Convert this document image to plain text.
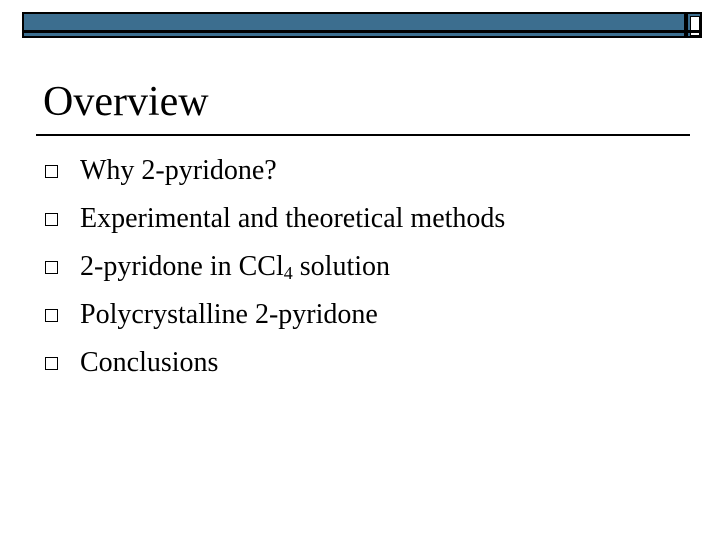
Overview
Why 2-pyridone?
Experimental and theoretical methods
2-pyridone in CCl$_4$ solution
Polycrystalline 2-pyridone
Conclusions
